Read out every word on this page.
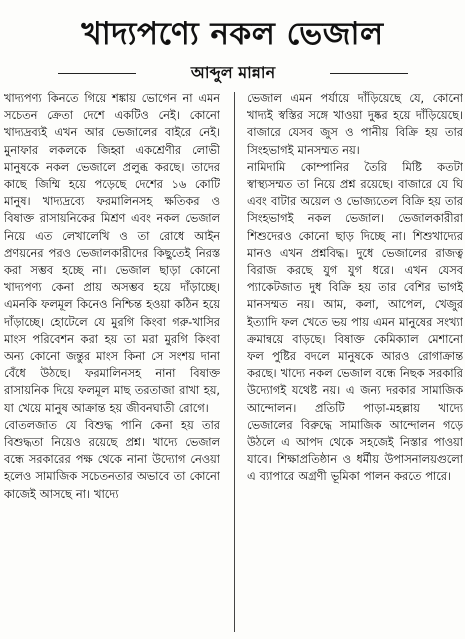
খাদ্যপণ্যে নকল ভেজাল
আব্দুল মান্নান

খাদ্যপণ্য কিনতে গিয়ে শঙ্কায় ভোগেন না এমন সচেতন ক্রেতা দেশে একটিও নেই। কোনো খাদ্যদ্রব্যই এখন আর ভেজালের বাইরে নেই। মুনাফার লকলকে জিহ্বা একশ্রেণীর লোভী মানুষকে নকল ভেজালে প্রলুব্ধ করছে। তাদের কাছে জিম্মি হয়ে পড়েছে দেশের ১৬ কোটি মানুষ। খাদ্যদ্রব্যে ফরমালিনসহ ক্ষতিকর ও বিষাক্ত রাসায়নিকের মিশ্রণ এবং নকল ভেজাল নিয়ে এত লেখালেখি ও তা রোধে আইন প্রণয়নের পরও ভেজালকারীদের কিছুতেই নিরস্ত করা সম্ভব হচ্ছে না। ভেজাল ছাড়া কোনো খাদ্যপণ্য কেনা প্রায় অসম্ভব হয়ে দাঁড়াচ্ছে। এমনকি ফলমূল কিনেও নিশ্চিন্ত হওয়া কঠিন হয়ে দাঁড়াচ্ছে। হোটেলে যে মুরগি কিংবা গরু-খাসির মাংস পরিবেশন করা হয় তা মরা মুরগি কিংবা অন্য কোনো জন্তুর মাংস কিনা সে সংশয় দানা বেঁধে উঠছে। ফরমালিনসহ নানা বিষাক্ত রাসায়নিক দিয়ে ফলমূল মাছ তরতাজা রাখা হয়, যা খেয়ে মানুষ আক্রান্ত হয় জীবনঘাতী রোগে।

বোতলজাত যে বিশুদ্ধ পানি কেনা হয় তার বিশুদ্ধতা নিয়েও রয়েছে প্রশ্ন। খাদ্যে ভেজাল বন্ধে সরকারের পক্ষ থেকে নানা উদ্যোগ নেওয়া হলেও সামাজিক সচেতনতার অভাবে তা কোনো কাজেই আসছে না। খাদ্যে

ভেজাল এমন পর্যায়ে দাঁড়িয়েছে যে, কোনো খাদ্যই স্বস্তির সঙ্গে খাওয়া দুষ্কর হয়ে দাঁড়িয়েছে। বাজারে যেসব জুস ও পানীয় বিক্রি হয় তার সিংহভাগই মানসম্মত নয়।

নামিদামি কোম্পানির তৈরি মিষ্টি কতটা স্বাস্থ্যসম্মত তা নিয়ে প্রশ্ন রয়েছে। বাজারে যে ঘি এবং বাটার অয়েল ও ভোজ্যতেল বিক্রি হয় তার সিংহভাগই নকল ভেজাল। ভেজালকারীরা শিশুদেরও কোনো ছাড় দিচ্ছে না। শিশুখাদ্যের মানও এখন প্রশ্নবিদ্ধ। দুধে ভেজালের রাজত্ব বিরাজ করছে যুগ যুগ ধরে। এখন যেসব প্যাকেটজাত দুধ বিক্রি হয় তার বেশির ভাগই মানসম্মত নয়। আম, কলা, আপেল, খেজুর ইত্যাদি ফল খেতে ভয় পায় এমন মানুষের সংখ্যা ক্রমান্বয়ে বাড়ছে। বিষাক্ত কেমিক্যাল মেশানো ফল পুষ্টির বদলে মানুষকে আরও রোগাক্রান্ত করছে। খাদ্যে নকল ভেজাল বন্ধে নিছক সরকারি উদ্যোগই যথেষ্ট নয়। এ জন্য দরকার সামাজিক আন্দোলন। প্রতিটি পাড়া-মহল্লায় খাদ্যে ভেজালের বিরুদ্ধে সামাজিক আন্দোলন গড়ে উঠলে এ আপদ থেকে সহজেই নিস্তার পাওয়া যাবে। শিক্ষাপ্রতিষ্ঠান ও ধর্মীয় উপাসনালয়গুলো এ ব্যাপারে অগ্রণী ভূমিকা পালন করতে পারে।
